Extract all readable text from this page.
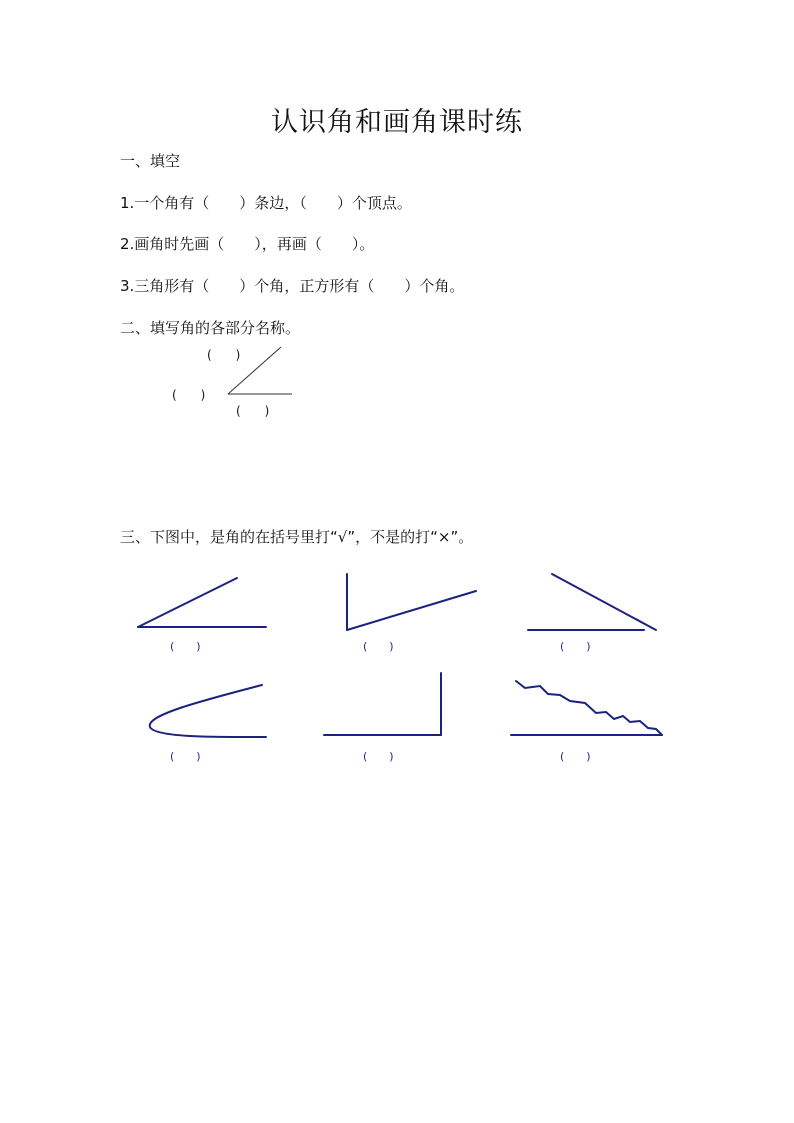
认识角和画角课时练
一、填空
1.一个角有（　　）条边，（　　）个顶点。
2.画角时先画（　　），再画（　　）。
3.三角形有（　　）个角，正方形有（　　）个角。
二、填写角的各部分名称。
(　　)
(　　)
(　　)
三、下图中，是角的在括号里打“√”，不是的打“×”。
(　　)	(　　)	(　　)
(　　)	(　　)	(　　)
